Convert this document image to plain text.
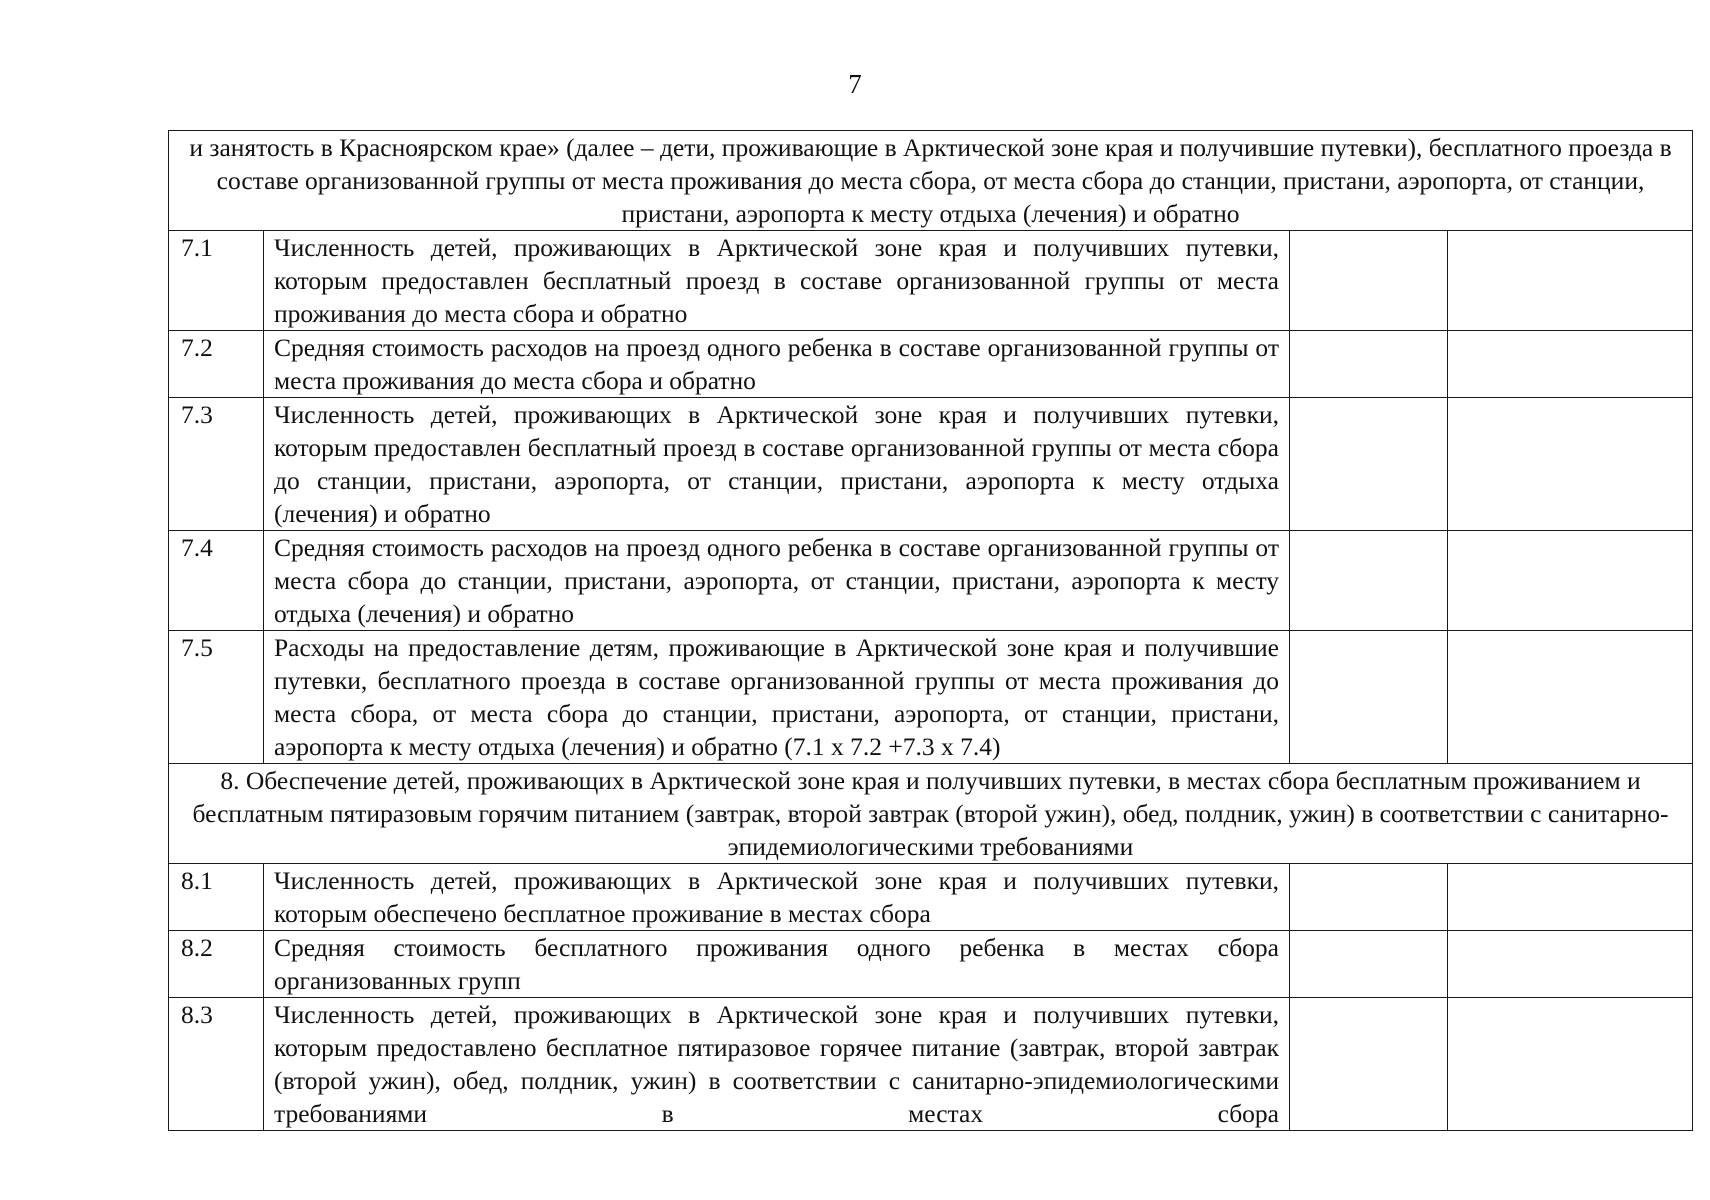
7
и занятость в Красноярском крае» (далее – дети, проживающие в Арктической зоне края и получившие путевки), бесплатного проезда в составе организованной группы от места проживания до места сбора, от места сбора до станции, пристани, аэропорта, от станции, пристани, аэропорта к месту отдыха (лечения) и обратно			
7.1	Численность детей, проживающих в Арктической зоне края и получивших путевки, которым предоставлен бесплатный проезд в составе организованной группы от места проживания до места сбора и обратно		
7.2	Средняя стоимость расходов на проезд одного ребенка в составе организованной группы от места проживания до места сбора и обратно		
7.3	Численность детей, проживающих в Арктической зоне края и получивших путевки, которым предоставлен бесплатный проезд в составе организованной группы от места сбора до станции, пристани, аэропорта, от станции, пристани, аэропорта к месту отдыха (лечения) и обратно		
7.4	Средняя стоимость расходов на проезд одного ребенка в составе организованной группы от места сбора до станции, пристани, аэропорта, от станции, пристани, аэропорта к месту отдыха (лечения) и обратно		
7.5	Расходы на предоставление детям, проживающие в Арктической зоне края и получившие путевки, бесплатного проезда в составе организованной группы от места проживания до места сбора, от места сбора до станции, пристани, аэропорта, от станции, пристани, аэропорта к месту отдыха (лечения) и обратно (7.1 х 7.2 +7.3 х 7.4)		
8. Обеспечение детей, проживающих в Арктической зоне края и получивших путевки, в местах сбора бесплатным проживанием и бесплатным пятиразовым горячим питанием (завтрак, второй завтрак (второй ужин), обед, полдник, ужин) в соответствии с санитарно-эпидемиологическими требованиями			
8.1	Численность детей, проживающих в Арктической зоне края и получивших путевки, которым обеспечено бесплатное проживание в местах сбора		
8.2	Средняя стоимость бесплатного проживания одного ребенка в местах сбора организованных групп		
8.3	Численность детей, проживающих в Арктической зоне края и получивших путевки, которым предоставлено бесплатное пятиразовое горячее питание (завтрак, второй завтрак (второй ужин), обед, полдник, ужин) в соответствии с санитарно-эпидемиологическими требованиями в местах сбора		
